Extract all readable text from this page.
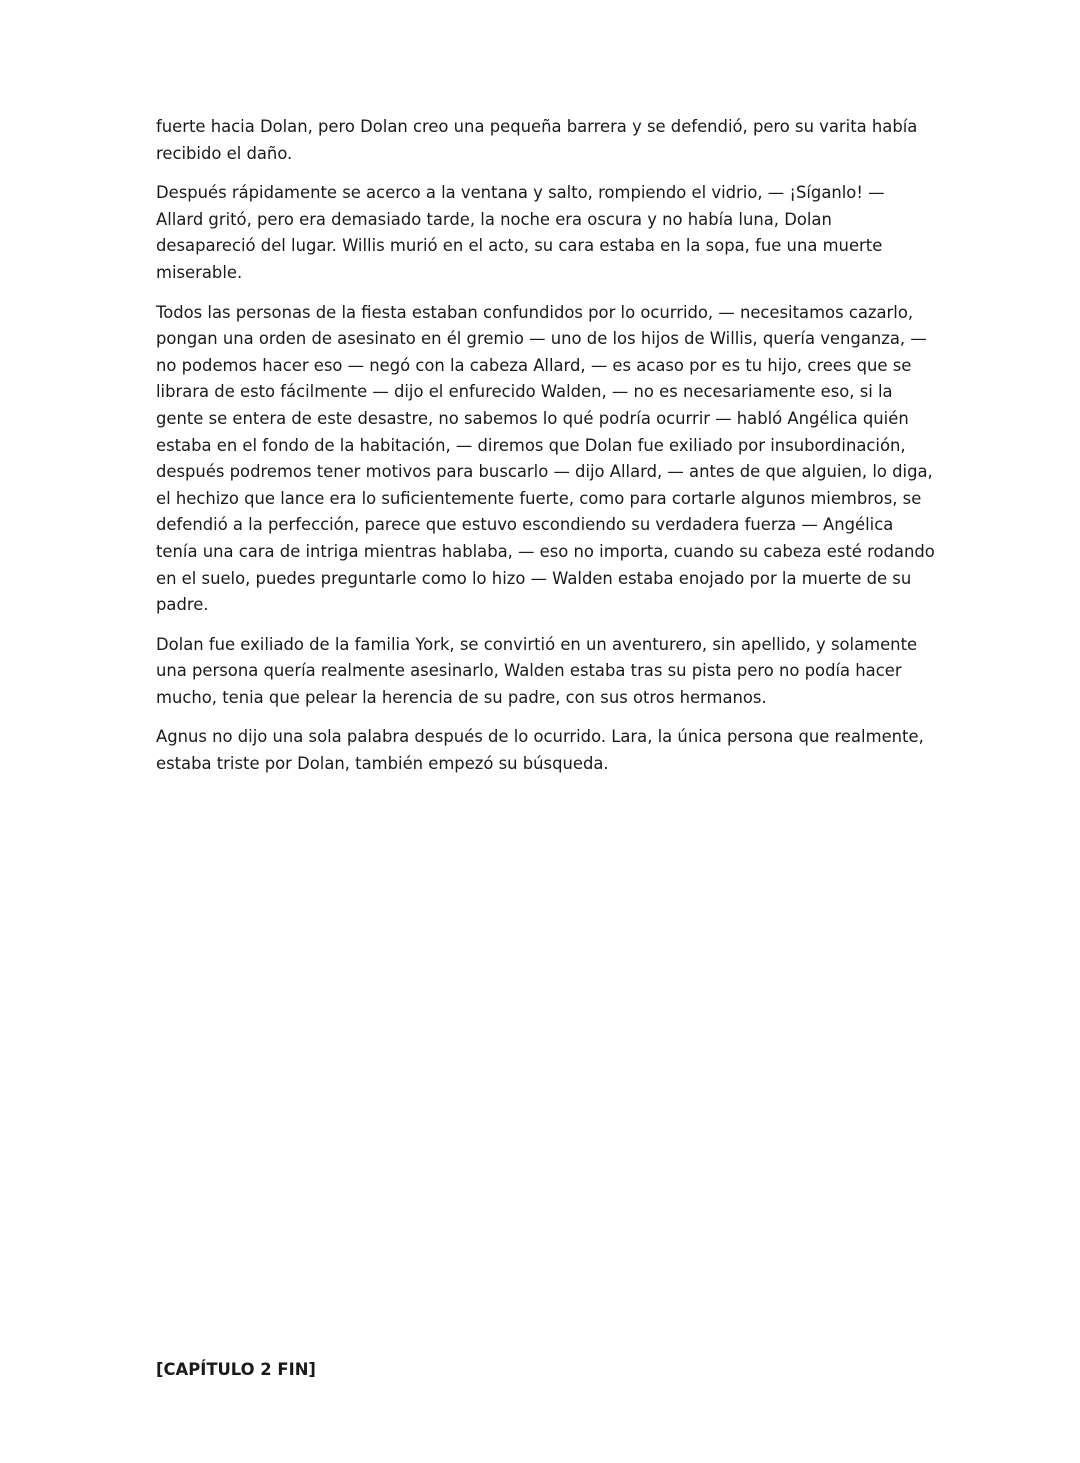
fuerte hacia Dolan, pero Dolan creo una pequeña barrera y se defendió, pero su varita había recibido el daño.

Después rápidamente se acerco a la ventana y salto, rompiendo el vidrio, — ¡Síganlo! — Allard gritó, pero era demasiado tarde, la noche era oscura y no había luna, Dolan desapareció del lugar. Willis murió en el acto, su cara estaba en la sopa, fue una muerte miserable.

Todos las personas de la fiesta estaban confundidos por lo ocurrido, — necesitamos cazarlo, pongan una orden de asesinato en él gremio — uno de los hijos de Willis, quería venganza, — no podemos hacer eso — negó con la cabeza Allard, — es acaso por es tu hijo, crees que se librara de esto fácilmente — dijo el enfurecido Walden, — no es necesariamente eso, si la gente se entera de este desastre, no sabemos lo qué podría ocurrir — habló Angélica quién estaba en el fondo de la habitación, — diremos que Dolan fue exiliado por insubordinación, después podremos tener motivos para buscarlo — dijo Allard, — antes de que alguien, lo diga, el hechizo que lance era lo suficientemente fuerte, como para cortarle algunos miembros, se defendió a la perfección, parece que estuvo escondiendo su verdadera fuerza — Angélica tenía una cara de intriga mientras hablaba, — eso no importa, cuando su cabeza esté rodando en el suelo, puedes preguntarle como lo hizo — Walden estaba enojado por la muerte de su padre.

Dolan fue exiliado de la familia York, se convirtió en un aventurero, sin apellido, y solamente una persona quería realmente asesinarlo, Walden estaba tras su pista pero no podía hacer mucho, tenia que pelear la herencia de su padre, con sus otros hermanos.

Agnus no dijo una sola palabra después de lo ocurrido. Lara, la única persona que realmente, estaba triste por Dolan, también empezó su búsqueda.

[CAPÍTULO 2 FIN]
